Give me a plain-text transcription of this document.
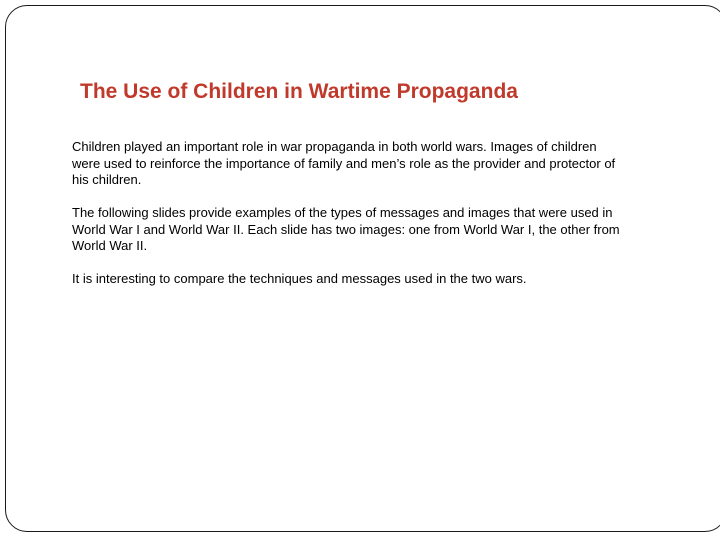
The Use of Children in Wartime Propaganda

Children played an important role in war propaganda in both world wars. Images of children
were used to reinforce the importance of family and men’s role as the provider and protector of
his children.

The following slides provide examples of the types of messages and images that were used in
World War I and World War II. Each slide has two images: one from World War I, the other from
World War II.

It is interesting to compare the techniques and messages used in the two wars.
